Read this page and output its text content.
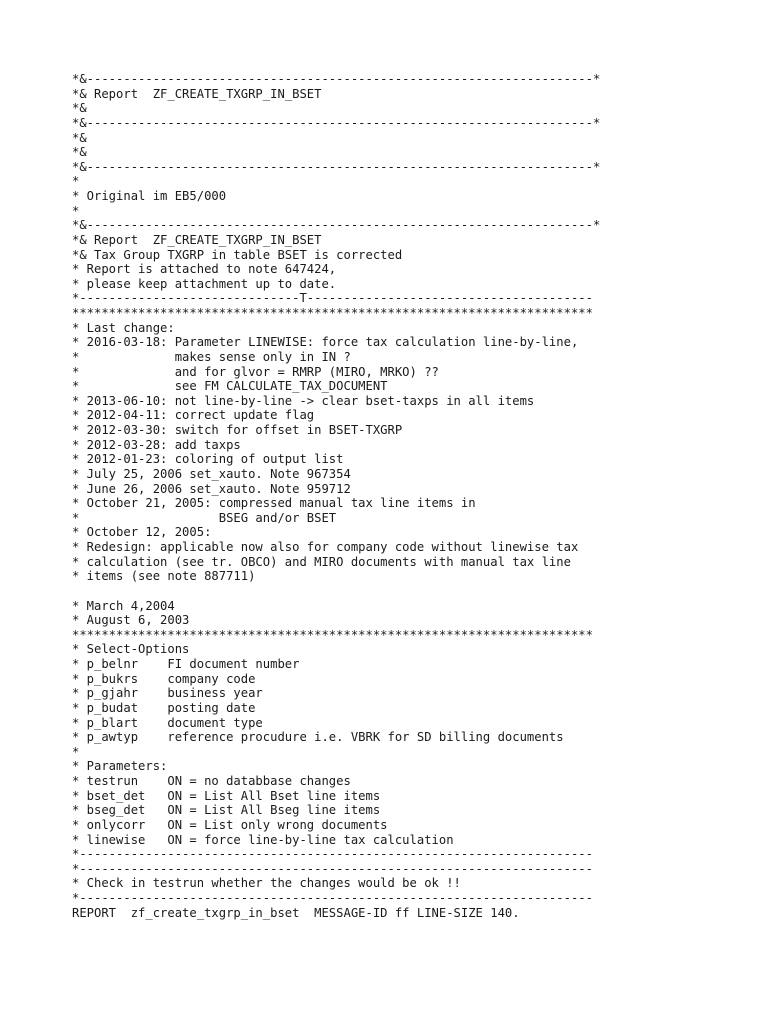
*&---------------------------------------------------------------------*
*& Report  ZF_CREATE_TXGRP_IN_BSET
*&
*&---------------------------------------------------------------------*
*&
*&
*&---------------------------------------------------------------------*
*
* Original im EB5/000
*
*&---------------------------------------------------------------------*
*& Report  ZF_CREATE_TXGRP_IN_BSET
*& Tax Group TXGRP in table BSET is corrected
* Report is attached to note 647424,
* please keep attachment up to date.
*------------------------------T---------------------------------------
***********************************************************************
* Last change:
* 2016-03-18: Parameter LINEWISE: force tax calculation line-by-line,
*             makes sense only in IN ?
*             and for glvor = RMRP (MIRO, MRKO) ??
*             see FM CALCULATE_TAX_DOCUMENT
* 2013-06-10: not line-by-line -> clear bset-taxps in all items
* 2012-04-11: correct update flag
* 2012-03-30: switch for offset in BSET-TXGRP
* 2012-03-28: add taxps
* 2012-01-23: coloring of output list
* July 25, 2006 set_xauto. Note 967354
* June 26, 2006 set_xauto. Note 959712
* October 21, 2005: compressed manual tax line items in
*                   BSEG and/or BSET
* October 12, 2005:
* Redesign: applicable now also for company code without linewise tax
* calculation (see tr. OBCO) and MIRO documents with manual tax line
* items (see note 887711)
* March 4,2004
* August 6, 2003
***********************************************************************
* Select-Options
* p_belnr    FI document number
* p_bukrs    company code
* p_gjahr    business year
* p_budat    posting date
* p_blart    document type
* p_awtyp    reference procudure i.e. VBRK for SD billing documents
*
* Parameters:
* testrun    ON = no databbase changes
* bset_det   ON = List All Bset line items
* bseg_det   ON = List All Bseg line items
* onlycorr   ON = List only wrong documents
* linewise   ON = force line-by-line tax calculation
*----------------------------------------------------------------------
*----------------------------------------------------------------------
* Check in testrun whether the changes would be ok !!
*----------------------------------------------------------------------
REPORT  zf_create_txgrp_in_bset  MESSAGE-ID ff LINE-SIZE 140.
